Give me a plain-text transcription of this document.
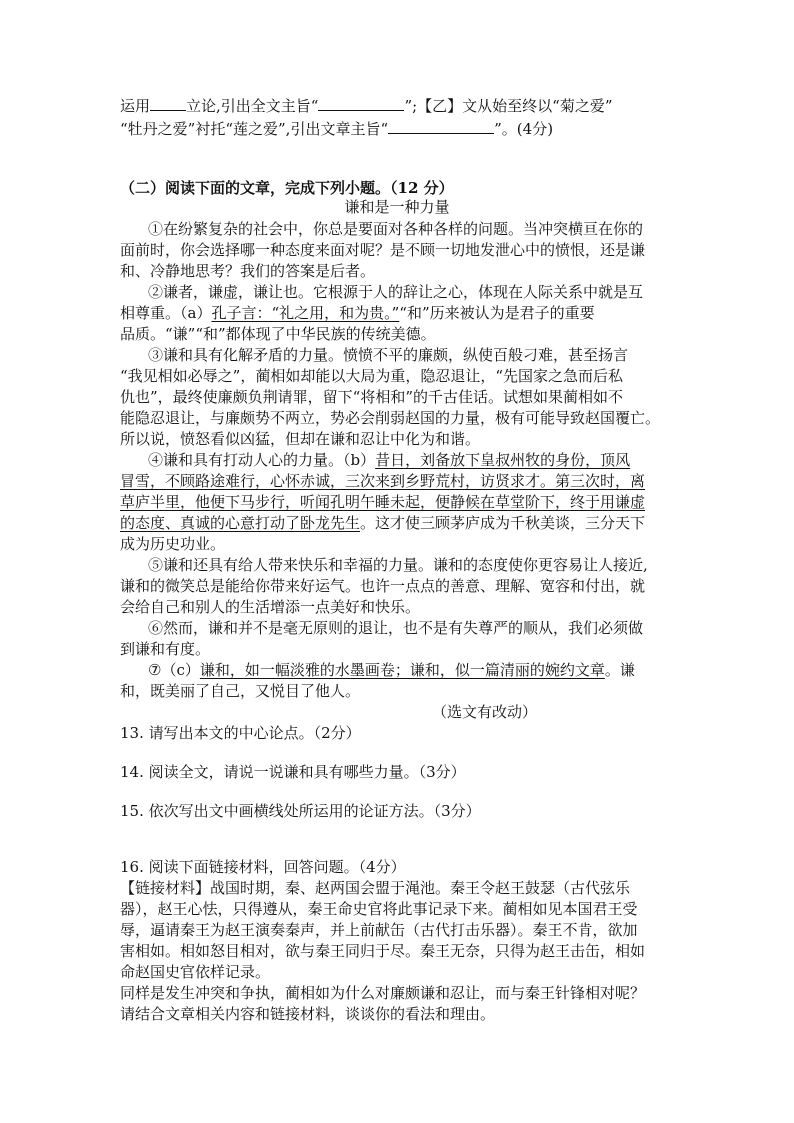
运用 立论,引出全文主旨“	”;【乙】文从始至终以“菊之爱”
“牡丹之爱”衬托“莲之爱”,引出文章主旨“	”。(4分)
（二）阅读下面的文章，完成下列小题。（12 分）
谦和是一种力量
①在纷繁复杂的社会中，你总是要面对各种各样的问题。当冲突横亘在你的
面前时，你会选择哪一种态度来面对呢？是不顾一切地发泄心中的愤恨，还是谦
和、冷静地思考？我们的答案是后者。
②谦者，谦虚，谦让也。它根源于人的辞让之心，体现在人际关系中就是互
相尊重。（a）孔子言：“礼之用，和为贵。”“和”历来被认为是君子的重要
品质。“谦”“和”都体现了中华民族的传统美德。
③谦和具有化解矛盾的力量。愤愤不平的廉颇，纵使百般刁难，甚至扬言
“我见相如必辱之”，蔺相如却能以大局为重，隐忍退让，“先国家之急而后私
仇也”，最终使廉颇负荆请罪，留下“将相和”的千古佳话。试想如果蔺相如不
能隐忍退让，与廉颇势不两立，势必会削弱赵国的力量，极有可能导致赵国覆亡。
所以说，愤怒看似凶猛，但却在谦和忍让中化为和谐。
④谦和具有打动人心的力量。（b）昔日，刘备放下皇叔州牧的身份，顶风
冒雪，不顾路途难行，心怀赤诚，三次来到乡野荒村，访贤求才。第三次时，离
草庐半里，他便下马步行，听闻孔明午睡未起，便静候在草堂阶下，终于用谦虚
的态度、真诚的心意打动了卧龙先生。这才使三顾茅庐成为千秋美谈，三分天下
成为历史功业。
⑤谦和还具有给人带来快乐和幸福的力量。谦和的态度使你更容易让人接近,
谦和的微笑总是能给你带来好运气。也许一点点的善意、理解、宽容和付出，就
会给自己和别人的生活增添一点美好和快乐。
⑥然而，谦和并不是毫无原则的退让，也不是有失尊严的顺从，我们必须做
到谦和有度。
⑦（c）谦和，如一幅淡雅的水墨画卷；谦和，似一篇清丽的婉约文章。谦
和，既美丽了自己，又悦目了他人。
（选文有改动）
13. 请写出本文的中心论点。（2分）
14. 阅读全文，请说一说谦和具有哪些力量。（3分）
15. 依次写出文中画横线处所运用的论证方法。（3分）
16. 阅读下面链接材料，回答问题。（4分）
【链接材料】战国时期，秦、赵两国会盟于渑池。秦王令赵王鼓瑟（古代弦乐
器），赵王心怯，只得遵从，秦王命史官将此事记录下来。蔺相如见本国君王受
辱，逼请秦王为赵王演奏秦声，并上前献缶（古代打击乐器）。秦王不肯，欲加
害相如。相如怒目相对，欲与秦王同归于尽。秦王无奈，只得为赵王击缶，相如
命赵国史官依样记录。
同样是发生冲突和争执，蔺相如为什么对廉颇谦和忍让，而与秦王针锋相对呢？
请结合文章相关内容和链接材料，谈谈你的看法和理由。
